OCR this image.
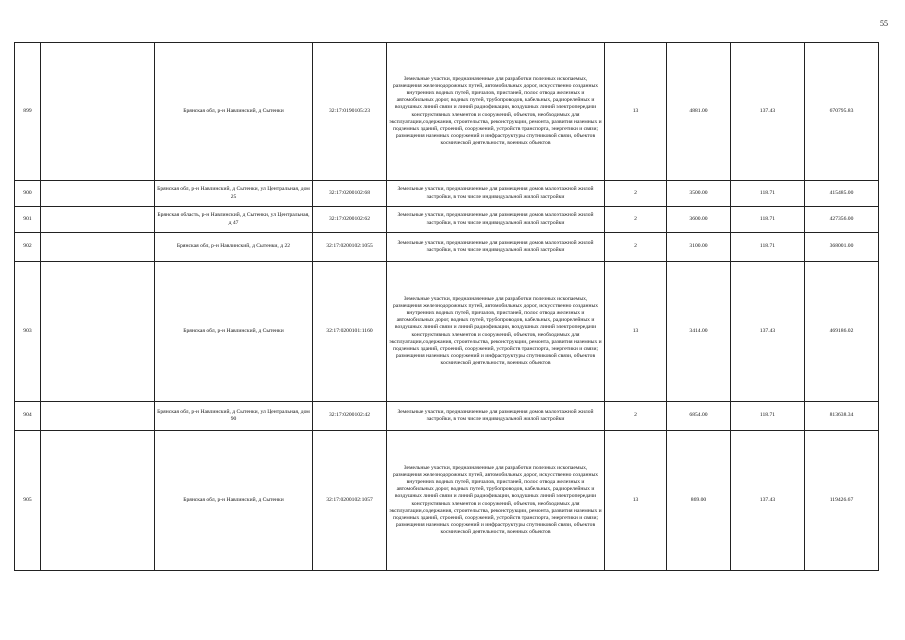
55
899		Брянская обл, р-н Навлинский, д Сытенки	32:17:0190105:23	Земельные участки, предназначенные для разработки полезных ископаемых, размещения железнодорожных путей, автомобильных дорог, искусственно созданных внутренних водных путей, причалов, пристаней, полос отвода железных и автомобильных дорог, водных путей, трубопроводов, кабельных, радиорелейных и воздушных линий связи и линий радиофикации, воздушных линий электропередачи конструктивных элементов и сооружений, объектов, необходимых для эксплуатации,содержания, строительства, реконструкции, ремонта, развития наземных и подземных зданий, строений, сооружений, устройств транспорта, энергетики и связи; размещения наземных сооружений и инфраструктуры спутниковой связи, объектов космической деятельности, военных объектов	13	4881.00	137.43	670795.83
900		Брянская обл, р-н Навлинский, д Сытенки, ул Центральная, дом 25	32:17:0200102:68	Земельные участки, предназначенные для размещения домов малоэтажной жилой застройки, в том числе индивидуальной жилой застройки	2	3500.00	118.71	415485.00
901		Брянская область, р-н Навлинский, д Сытенки, ул Центральная, д 47	32:17:0200102:62	Земельные участки, предназначенные для размещения домов малоэтажной жилой застройки, в том числе индивидуальной жилой застройки	2	3600.00	118.71	427356.00
902		Брянская обл, р-н Навлинский, д Сытенки, д 22	32:17:0200102:1055	Земельные участки, предназначенные для размещения домов малоэтажной жилой застройки, в том числе индивидуальной жилой застройки	2	3100.00	118.71	368001.00
903		Брянская обл, р-н Навлинский, д Сытенки	32:17:0200101:1160	Земельные участки, предназначенные для разработки полезных ископаемых, размещения железнодорожных путей, автомобильных дорог, искусственно созданных внутренних водных путей, причалов, пристаней, полос отвода железных и автомобильных дорог, водных путей, трубопроводов, кабельных, радиорелейных и воздушных линий связи и линий радиофикации, воздушных линий электропередачи конструктивных элементов и сооружений, объектов, необходимых для эксплуатации,содержания, строительства, реконструкции, ремонта, развития наземных и подземных зданий, строений, сооружений, устройств транспорта, энергетики и связи; размещения наземных сооружений и инфраструктуры спутниковой связи, объектов космической деятельности, военных объектов	13	3414.00	137.43	469186.02
904		Брянская обл, р-н Навлинский, д Сытенки, ул Центральная, дом 90	32:17:0200102:42	Земельные участки, предназначенные для размещения домов малоэтажной жилой застройки, в том числе индивидуальной жилой застройки	2	6854.00	118.71	813638.34
905		Брянская обл, р-н Навлинский, д Сытенки	32:17:0200102:1057	Земельные участки, предназначенные для разработки полезных ископаемых, размещения железнодорожных путей, автомобильных дорог, искусственно созданных внутренних водных путей, причалов, пристаней, полос отвода железных и автомобильных дорог, водных путей, трубопроводов, кабельных, радиорелейных и воздушных линий связи и линий радиофикации, воздушных линий электропередачи конструктивных элементов и сооружений, объектов, необходимых для эксплуатации,содержания, строительства, реконструкции, ремонта, развития наземных и подземных зданий, строений, сооружений, устройств транспорта, энергетики и связи; размещения наземных сооружений и инфраструктуры спутниковой связи, объектов космической деятельности, военных объектов	13	869.00	137.43	119426.67
